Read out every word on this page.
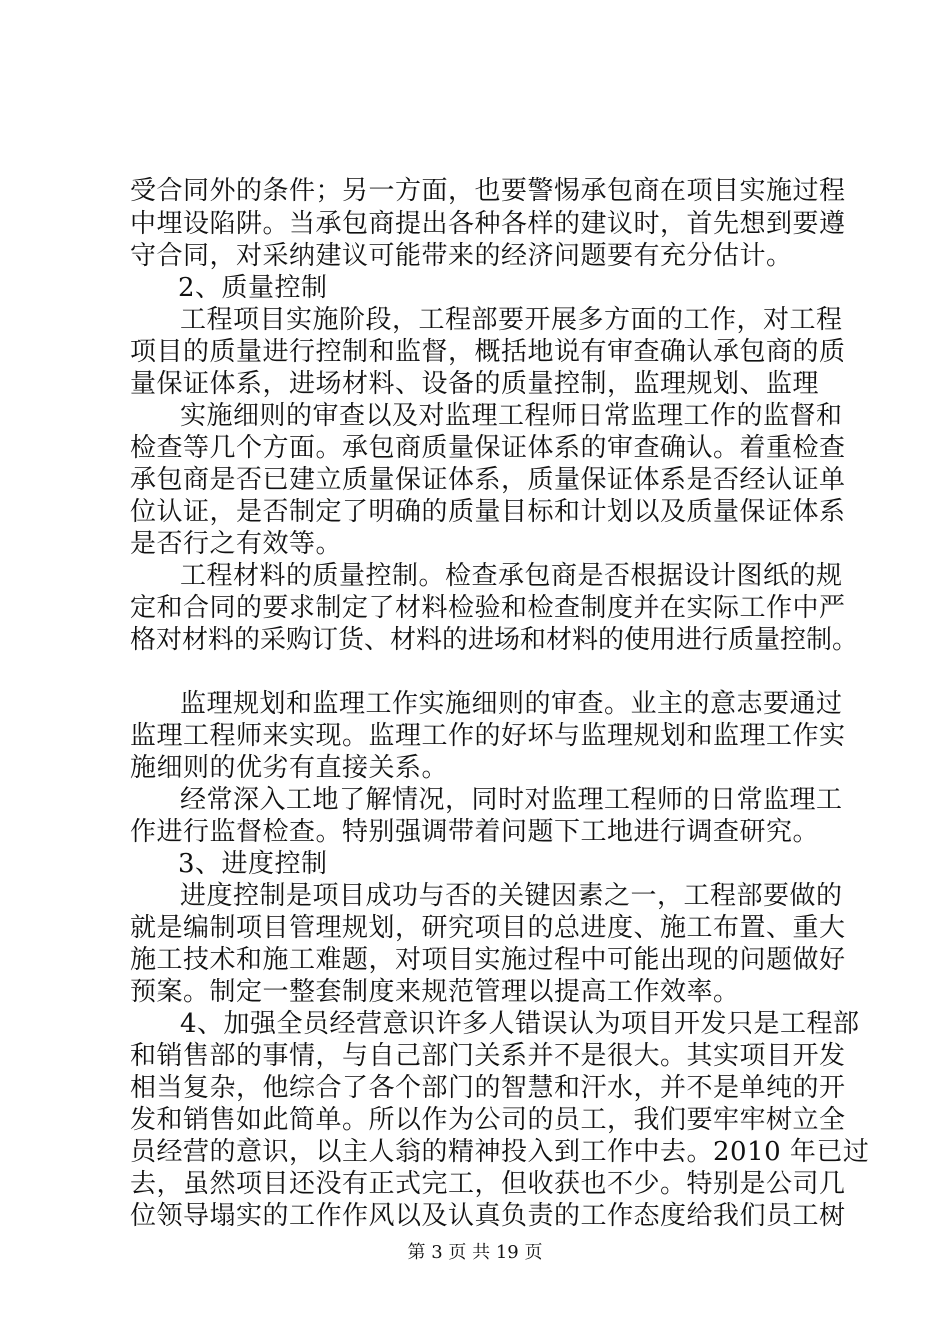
受合同外的条件；另一方面，也要警惕承包商在项目实施过程
中埋设陷阱。当承包商提出各种各样的建议时，首先想到要遵
守合同，对采纳建议可能带来的经济问题要有充分估计。
2、质量控制
工程项目实施阶段，工程部要开展多方面的工作，对工程
项目的质量进行控制和监督，概括地说有审查确认承包商的质
量保证体系，进场材料、设备的质量控制，监理规划、监理
实施细则的审查以及对监理工程师日常监理工作的监督和
检查等几个方面。承包商质量保证体系的审查确认。着重检查
承包商是否已建立质量保证体系，质量保证体系是否经认证单
位认证，是否制定了明确的质量目标和计划以及质量保证体系
是否行之有效等。
工程材料的质量控制。检查承包商是否根据设计图纸的规
定和合同的要求制定了材料检验和检查制度并在实际工作中严
格对材料的采购订货、材料的进场和材料的使用进行质量控制。
监理规划和监理工作实施细则的审查。业主的意志要通过
监理工程师来实现。监理工作的好坏与监理规划和监理工作实
施细则的优劣有直接关系。
经常深入工地了解情况，同时对监理工程师的日常监理工
作进行监督检查。特别强调带着问题下工地进行调查研究。
3、进度控制
进度控制是项目成功与否的关键因素之一，工程部要做的
就是编制项目管理规划，研究项目的总进度、施工布置、重大
施工技术和施工难题，对项目实施过程中可能出现的问题做好
预案。制定一整套制度来规范管理以提高工作效率。
4、加强全员经营意识许多人错误认为项目开发只是工程部
和销售部的事情，与自己部门关系并不是很大。其实项目开发
相当复杂，他综合了各个部门的智慧和汗水，并不是单纯的开
发和销售如此简单。所以作为公司的员工，我们要牢牢树立全
员经营的意识，以主人翁的精神投入到工作中去。2010 年已过
去，虽然项目还没有正式完工，但收获也不少。特别是公司几
位领导塌实的工作作风以及认真负责的工作态度给我们员工树
第 3 页 共 19 页
